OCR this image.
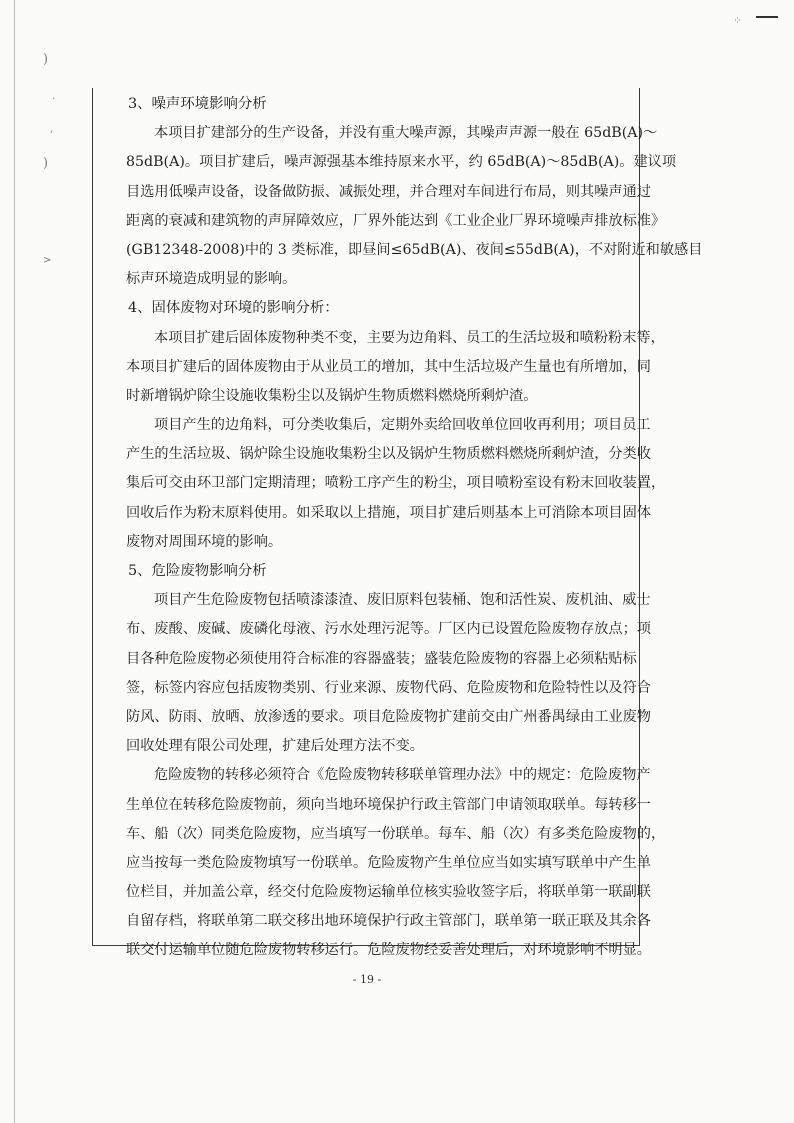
)
)
>
·
,
⁘
3、噪声环境影响分析
本项目扩建部分的生产设备，并没有重大噪声源，其噪声声源一般在 65dB(A)～
85dB(A)。项目扩建后，噪声源强基本维持原来水平，约 65dB(A)～85dB(A)。建议项
目选用低噪声设备，设备做防振、减振处理，并合理对车间进行布局，则其噪声通过
距离的衰减和建筑物的声屏障效应，厂界外能达到《工业企业厂界环境噪声排放标准》
(GB12348-2008)中的 3 类标准，即昼间≤65dB(A)、夜间≤55dB(A)，不对附近和敏感目
标声环境造成明显的影响。
4、固体废物对环境的影响分析：
本项目扩建后固体废物种类不变，主要为边角料、员工的生活垃圾和喷粉粉末等，
本项目扩建后的固体废物由于从业员工的增加，其中生活垃圾产生量也有所增加，同
时新增锅炉除尘设施收集粉尘以及锅炉生物质燃料燃烧所剩炉渣。
项目产生的边角料，可分类收集后，定期外卖给回收单位回收再利用；项目员工
产生的生活垃圾、锅炉除尘设施收集粉尘以及锅炉生物质燃料燃烧所剩炉渣，分类收
集后可交由环卫部门定期清理；喷粉工序产生的粉尘，项目喷粉室设有粉末回收装置，
回收后作为粉末原料使用。如采取以上措施，项目扩建后则基本上可消除本项目固体
废物对周围环境的影响。
5、危险废物影响分析
项目产生危险废物包括喷漆漆渣、废旧原料包装桶、饱和活性炭、废机油、威士
布、废酸、废碱、废磷化母液、污水处理污泥等。厂区内已设置危险废物存放点；项
目各种危险废物必须使用符合标准的容器盛装；盛装危险废物的容器上必须粘贴标
签，标签内容应包括废物类别、行业来源、废物代码、危险废物和危险特性以及符合
防风、防雨、放晒、放渗透的要求。项目危险废物扩建前交由广州番禺绿由工业废物
回收处理有限公司处理，扩建后处理方法不变。
危险废物的转移必须符合《危险废物转移联单管理办法》中的规定：危险废物产
生单位在转移危险废物前，须向当地环境保护行政主管部门申请领取联单。每转移一
车、船（次）同类危险废物，应当填写一份联单。每车、船（次）有多类危险废物的，
应当按每一类危险废物填写一份联单。危险废物产生单位应当如实填写联单中产生单
位栏目，并加盖公章，经交付危险废物运输单位核实验收签字后，将联单第一联副联
自留存档，将联单第二联交移出地环境保护行政主管部门，联单第一联正联及其余各
联交付运输单位随危险废物转移运行。危险废物经妥善处理后，对环境影响不明显。
- 19 -
